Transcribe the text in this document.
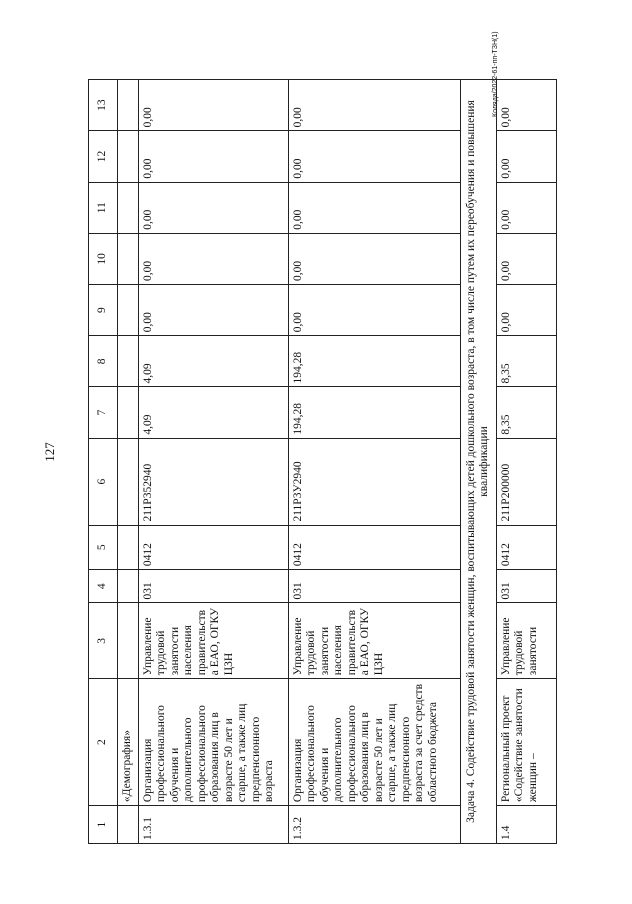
127
Коляда/2022-61-пп-ТЗН(1)
1	2	3	4	5	6	7	8	9	10	11	12	13
	«Демография»											
1.3.1	Организация профессионального обучения и дополнительного профессионального образования лиц в возрасте 50 лет и старше, а также лиц предпенсионного возраста	Управление трудовой занятости населения правительства ЕАО, ОГКУ ЦЗН	031	0412	211P352940	4,09	4,09	0,00	0,00	0,00	0,00	0,00
1.3.2	Организация профессионального обучения и дополнительного профессионального образования лиц в возрасте 50 лет и старше, а также лиц предпенсионного возраста за счет средств областного бюджета	Управление трудовой занятости населения правительства ЕАО, ОГКУ ЦЗН	031	0412	211P3У2940	194,28	194,28	0,00	0,00	0,00	0,00	0,00
Задача 4. Содействие трудовой занятости женщин, воспитывающих детей дошкольного возраста, в том числе путем их переобучения и повышения квалификации												
1.4	Региональный проект «Содействие занятости женщин –	Управление трудовой занятости	031	0412	211P200000	8,35	8,35	0,00	0,00	0,00	0,00	0,00
